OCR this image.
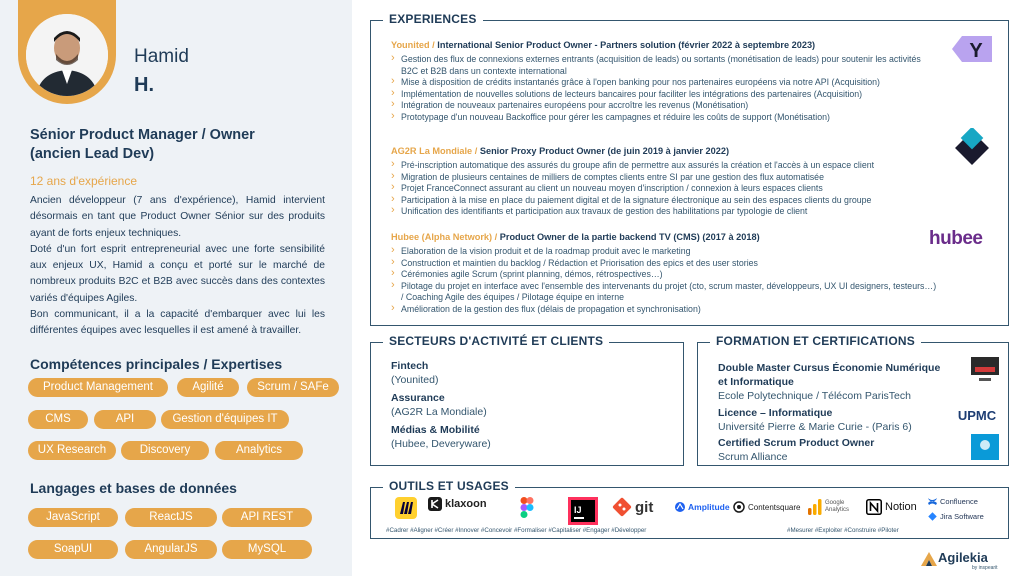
Hamid
H.
Sénior Product Manager / Owner
(ancien Lead Dev)
12 ans d'expérience

Ancien développeur (7 ans d'expérience), Hamid intervient désormais en tant que Product Owner Sénior sur des produits ayant de forts enjeux techniques.

Doté d'un fort esprit entrepreneurial avec une forte sensibilité aux enjeux UX, Hamid a conçu et porté sur le marché de nombreux produits B2C et B2B avec succès dans des contextes variés d'équipes Agiles.

Bon communicant, il a la capacité d'embarquer avec lui les différentes équipes avec lesquelles il est amené à travailler.

Compétences principales / Expertises
Product Management	Agilité	Scrum / SAFe
CMS	API	Gestion d'équipes IT
UX Research	Discovery	Analytics
Langages et bases de données
JavaScript	ReactJS	API REST
SoapUI	AngularJS	MySQL
EXPERIENCES
Younited / International Senior Product Owner - Partners solution (février 2022 à septembre 2023)
› Gestion des flux de connexions externes entrants (acquisition de leads) ou sortants (monétisation de leads) pour soutenir les activités B2C et B2B dans un contexte international
› Mise à disposition de crédits instantanés grâce à l'open banking pour nos partenaires européens via notre API (Acquisition)
› Implémentation de nouvelles solutions de lecteurs bancaires pour faciliter les intégrations des partenaires (Acquisition)
› Intégration de nouveaux partenaires européens pour accroître les revenus (Monétisation)
› Prototypage d'un nouveau Backoffice pour gérer les campagnes et réduire les coûts de support (Monétisation)
AG2R La Mondiale / Senior Proxy Product Owner (de juin 2019 à janvier 2022)
› Pré-inscription automatique des assurés du groupe afin de permettre aux assurés la création et l'accès à un espace client
› Migration de plusieurs centaines de milliers de comptes clients entre SI par une gestion des flux automatisée
› Projet FranceConnect assurant au client un nouveau moyen d'inscription / connexion à leurs espaces clients
› Participation à la mise en place du paiement digital et de la signature électronique au sein des espaces clients du groupe
› Unification des identifiants et participation aux travaux de gestion des habilitations par typologie de client
Hubee (Alpha Network) / Product Owner de la partie backend TV (CMS) (2017 à 2018)
› Elaboration de la vision produit et de la roadmap produit avec le marketing
› Construction et maintien du backlog / Rédaction et Priorisation des epics et des user stories
› Cérémonies agile Scrum (sprint planning, démos, rétrospectives…)
› Pilotage du projet en interface avec l'ensemble des intervenants du projet (cto, scrum master, développeurs, UX UI designers, testeurs…) / Coaching Agile des équipes / Pilotage équipe en interne
› Amélioration de la gestion des flux (délais de propagation et synchronisation)
Y
hubee
SECTEURS D'ACTIVITÉ ET CLIENTS
Fintech
(Younited)
Assurance
(AG2R La Mondiale)
Médias & Mobilité
(Hubee, Deveryware)
FORMATION ET CERTIFICATIONS
Double Master Cursus Économie Numérique
et Informatique
Ecole Polytechnique / Télécom ParisTech
Licence – Informatique
Université Pierre & Marie Curie - (Paris 6)
Certified Scrum Product Owner
Scrum Alliance
UPMC
OUTILS ET USAGES
klaxoon	IJ	git	Amplitude Contentsquare	Google Analytics	Notion	Confluence
Jira Software
#Cadrer #Aligner #Créer #Innover #Concevoir #Formaliser #Capitaliser #Engager #Développer	#Mesurer #Exploiter #Construire #Piloter
Agilekia
by inspearit
